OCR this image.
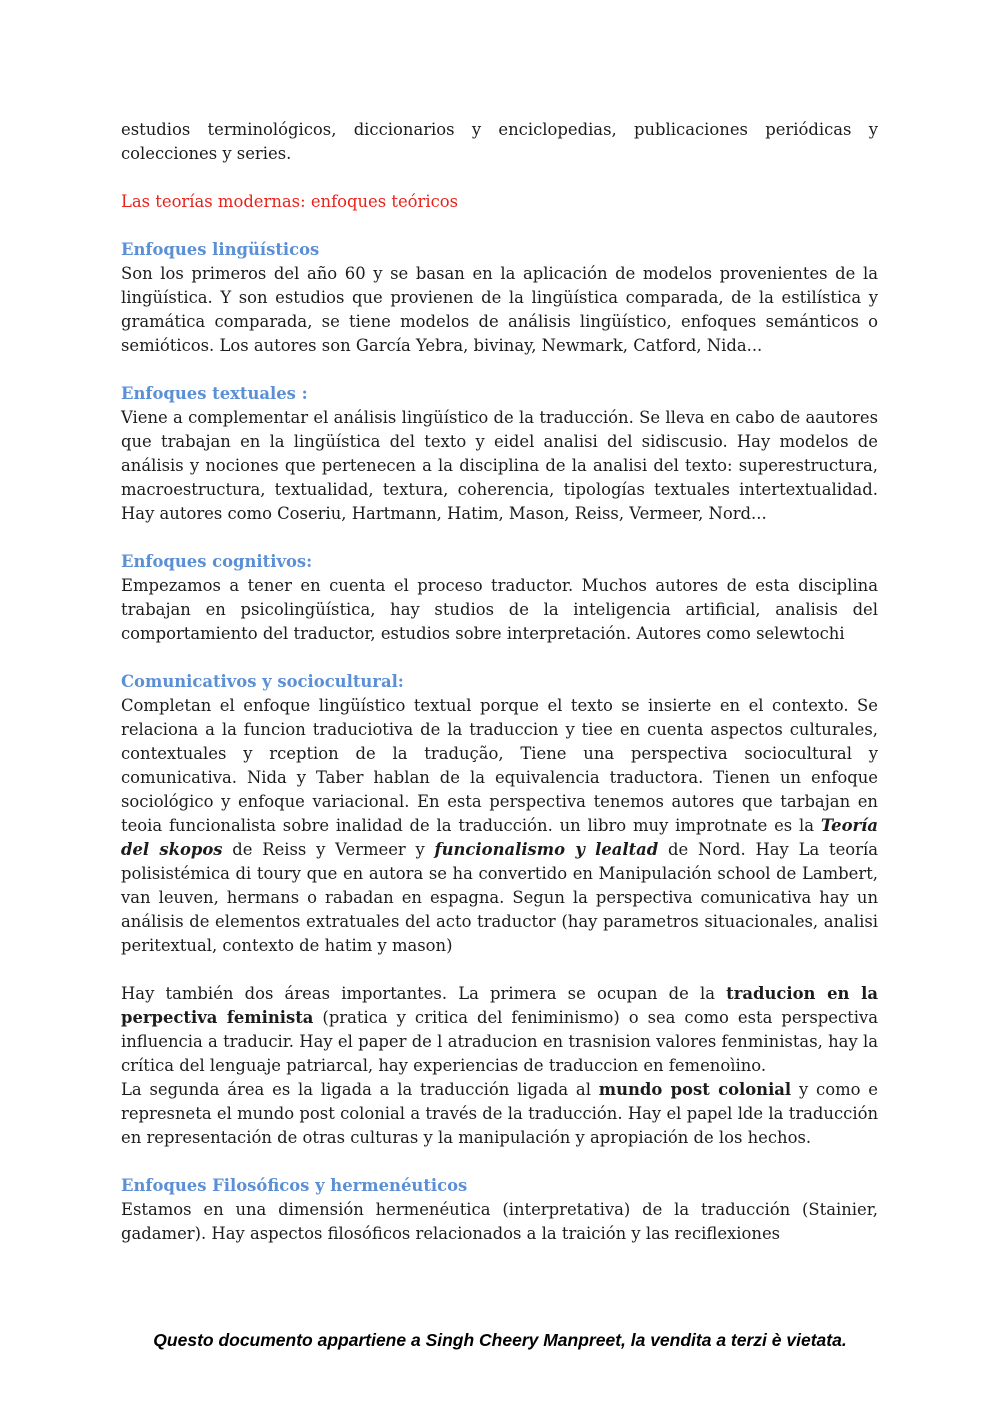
estudios terminológicos, diccionarios y enciclopedias, publicaciones periódicas y colecciones y series.

Las teorías modernas: enfoques teóricos

Enfoques lingüísticos

Son los primeros del año 60 y se basan en la aplicación de modelos provenientes de la lingüística. Y son estudios que provienen de la lingüística comparada, de la estilística y gramática comparada, se tiene modelos de análisis lingüístico, enfoques semánticos o semióticos. Los autores son García Yebra, bivinay, Newmark, Catford, Nida...

Enfoques textuales :

Viene a complementar el análisis lingüístico de la traducción. Se lleva en cabo de aautores que trabajan en la lingüística del texto y eidel analisi del sidiscusio. Hay modelos de análisis y nociones que pertenecen a la disciplina de la analisi del texto: superestructura, macroestructura, textualidad, textura, coherencia, tipologías textuales intertextualidad. Hay autores como Coseriu, Hartmann, Hatim, Mason, Reiss, Vermeer, Nord...

Enfoques cognitivos:

Empezamos a tener en cuenta el proceso traductor. Muchos autores de esta disciplina trabajan en psicolingüística, hay studios de la inteligencia artificial, analisis del comportamiento del traductor, estudios sobre interpretación. Autores como selewtochi

Comunicativos y sociocultural:

Completan el enfoque lingüístico textual porque el texto se insierte en el contexto. Se relaciona a la funcion traduciotiva de la traduccion y tiee en cuenta aspectos culturales, contextuales y rception de la tradução, Tiene una perspectiva sociocultural y comunicativa. Nida y Taber hablan de la equivalencia traductora. Tienen un enfoque sociológico y enfoque variacional. En esta perspectiva tenemos autores que tarbajan en teoia funcionalista sobre inalidad de la traducción. un libro muy improtnate es la Teoría del skopos de Reiss y Vermeer y funcionalismo y lealtad de Nord. Hay La teoría polisistémica di toury que en autora se ha convertido en Manipulación school de Lambert, van leuven, hermans o rabadan en espagna. Segun la perspectiva comunicativa hay un análisis de elementos extratuales del acto traductor (hay parametros situacionales, analisi peritextual, contexto de hatim y mason)

Hay también dos áreas importantes. La primera se ocupan de la traducion en la perpectiva feminista (pratica y critica del feniminismo) o sea como esta perspectiva influencia a traducir. Hay el paper de l atraducion en trasnision valores fenministas, hay la crítica del lenguaje patriarcal, hay experiencias de traduccion en femenoìino.

La segunda área es la ligada a la traducción ligada al mundo post colonial y como e represneta el mundo post colonial a través de la traducción. Hay el papel lde la traducción en representación de otras culturas y la manipulación y apropiación de los hechos.

Enfoques Filosóficos y hermenéuticos

Estamos en una dimensión hermenéutica (interpretativa) de la traducción (Stainier, gadamer). Hay aspectos filosóficos relacionados a la traición y las reciflexiones

Questo documento appartiene a Singh Cheery Manpreet, la vendita a terzi è vietata.
